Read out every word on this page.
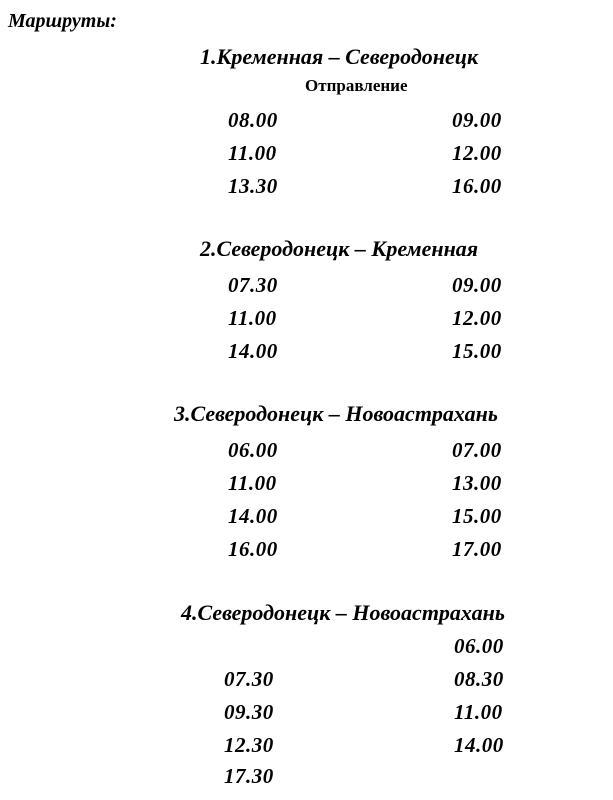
Маршруты:
1.Кременная – Северодонецк
Отправление
08.00
11.00
13.30
09.00
12.00
16.00
2.Северодонецк – Кременная
07.30
11.00
14.00
09.00
12.00
15.00
3.Северодонецк – Новоастрахань
06.00
11.00
14.00
16.00
07.00
13.00
15.00
17.00
4.Северодонецк – Новоастрахань
06.00
07.30
09.30
12.30
17.30
08.30
11.00
14.00
